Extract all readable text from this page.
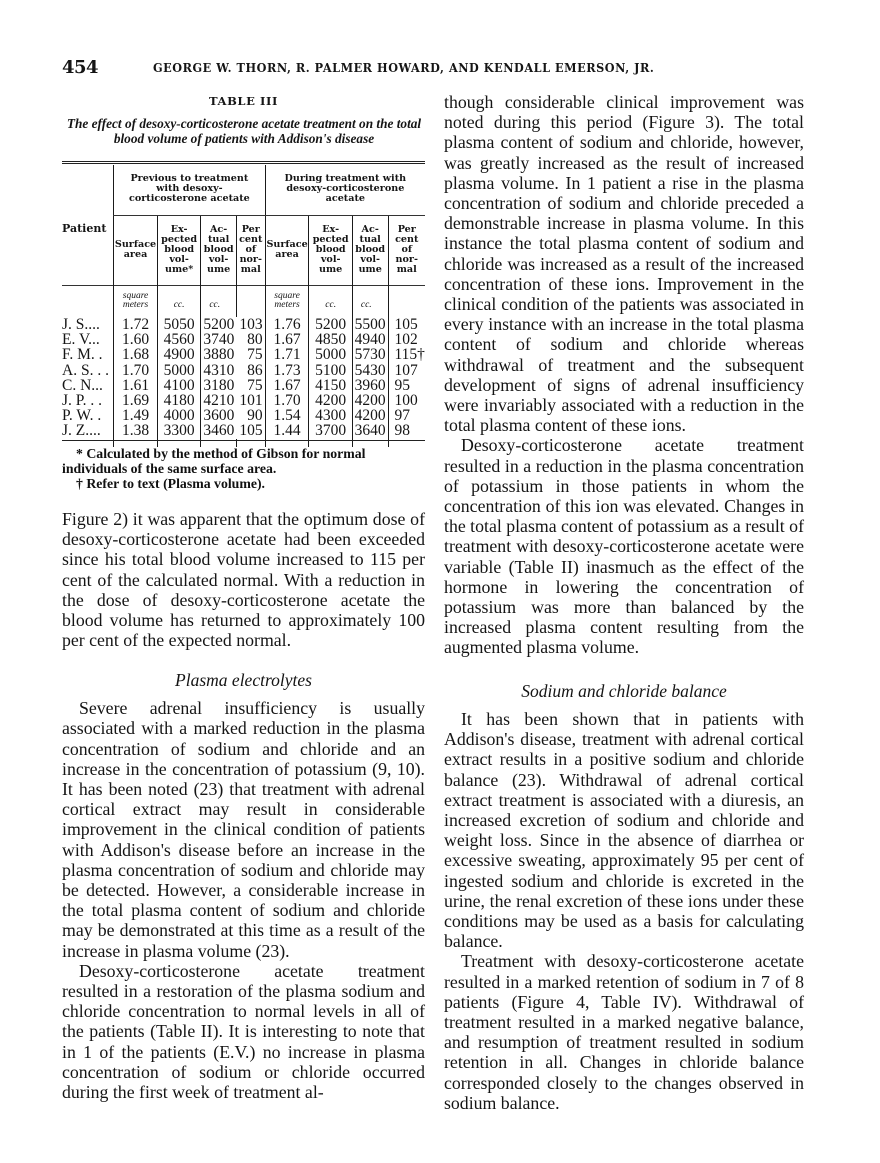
454	GEORGE W. THORN, R. PALMER HOWARD, AND KENDALL EMERSON, JR.

TABLE III

The effect of desoxy-corticosterone acetate treatment on the total blood volume of patients with Addison's disease

Patient	Previous to treatment with desoxy-corticosterone acetate				During treatment with desoxy-corticosterone acetate			
	Surface area	Ex- pected blood vol- ume*	Ac- tual blood vol- ume	Per cent of nor- mal	Surface area	Ex- pected blood vol- ume	Ac- tual blood vol- ume	Per cent of nor- mal
	square meters	cc.	cc.		square meters	cc.	cc.	
J. S....	1.72	5050	5200	103	1.76	5200	5500	105
E. V...	1.60	4560	3740	80	1.67	4850	4940	102
F. M. .	1.68	4900	3880	75	1.71	5000	5730	115†
A. S. . .	1.70	5000	4310	86	1.73	5100	5430	107
C. N...	1.61	4100	3180	75	1.67	4150	3960	95
J. P. . .	1.69	4180	4210	101	1.70	4200	4200	100
P. W. .	1.49	4000	3600	90	1.54	4300	4200	97
J. Z....	1.38	3300	3460	105	1.44	3700	3640	98

* Calculated by the method of Gibson for normal individuals of the same surface area.

† Refer to text (Plasma volume).

Figure 2) it was apparent that the optimum dose of desoxy-corticosterone acetate had been exceeded since his total blood volume increased to 115 per cent of the calculated normal. With a reduction in the dose of desoxy-corticosterone acetate the blood volume has returned to approximately 100 per cent of the expected normal.

Plasma electrolytes

Severe adrenal insufficiency is usually associated with a marked reduction in the plasma concentration of sodium and chloride and an increase in the concentration of potassium (9, 10). It has been noted (23) that treatment with adrenal cortical extract may result in considerable improvement in the clinical condition of patients with Addison's disease before an increase in the plasma concentration of sodium and chloride may be detected. However, a considerable increase in the total plasma content of sodium and chloride may be demonstrated at this time as a result of the increase in plasma volume (23).

Desoxy-corticosterone acetate treatment resulted in a restoration of the plasma sodium and chloride concentration to normal levels in all of the patients (Table II). It is interesting to note that in 1 of the patients (E.V.) no increase in plasma concentration of sodium or chloride occurred during the first week of treatment al-

though considerable clinical improvement was noted during this period (Figure 3). The total plasma content of sodium and chloride, however, was greatly increased as the result of increased plasma volume. In 1 patient a rise in the plasma concentration of sodium and chloride preceded a demonstrable increase in plasma volume. In this instance the total plasma content of sodium and chloride was increased as a result of the increased concentration of these ions. Improvement in the clinical condition of the patients was associated in every instance with an increase in the total plasma content of sodium and chloride whereas withdrawal of treatment and the subsequent development of signs of adrenal insufficiency were invariably associated with a reduction in the total plasma content of these ions.

Desoxy-corticosterone acetate treatment resulted in a reduction in the plasma concentration of potassium in those patients in whom the concentration of this ion was elevated. Changes in the total plasma content of potassium as a result of treatment with desoxy-corticosterone acetate were variable (Table II) inasmuch as the effect of the hormone in lowering the concentration of potassium was more than balanced by the increased plasma content resulting from the augmented plasma volume.

Sodium and chloride balance

It has been shown that in patients with Addison's disease, treatment with adrenal cortical extract results in a positive sodium and chloride balance (23). Withdrawal of adrenal cortical extract treatment is associated with a diuresis, an increased excretion of sodium and chloride and weight loss. Since in the absence of diarrhea or excessive sweating, approximately 95 per cent of ingested sodium and chloride is excreted in the urine, the renal excretion of these ions under these conditions may be used as a basis for calculating balance.

Treatment with desoxy-corticosterone acetate resulted in a marked retention of sodium in 7 of 8 patients (Figure 4, Table IV). Withdrawal of treatment resulted in a marked negative balance, and resumption of treatment resulted in sodium retention in all. Changes in chloride balance corresponded closely to the changes observed in sodium balance.
